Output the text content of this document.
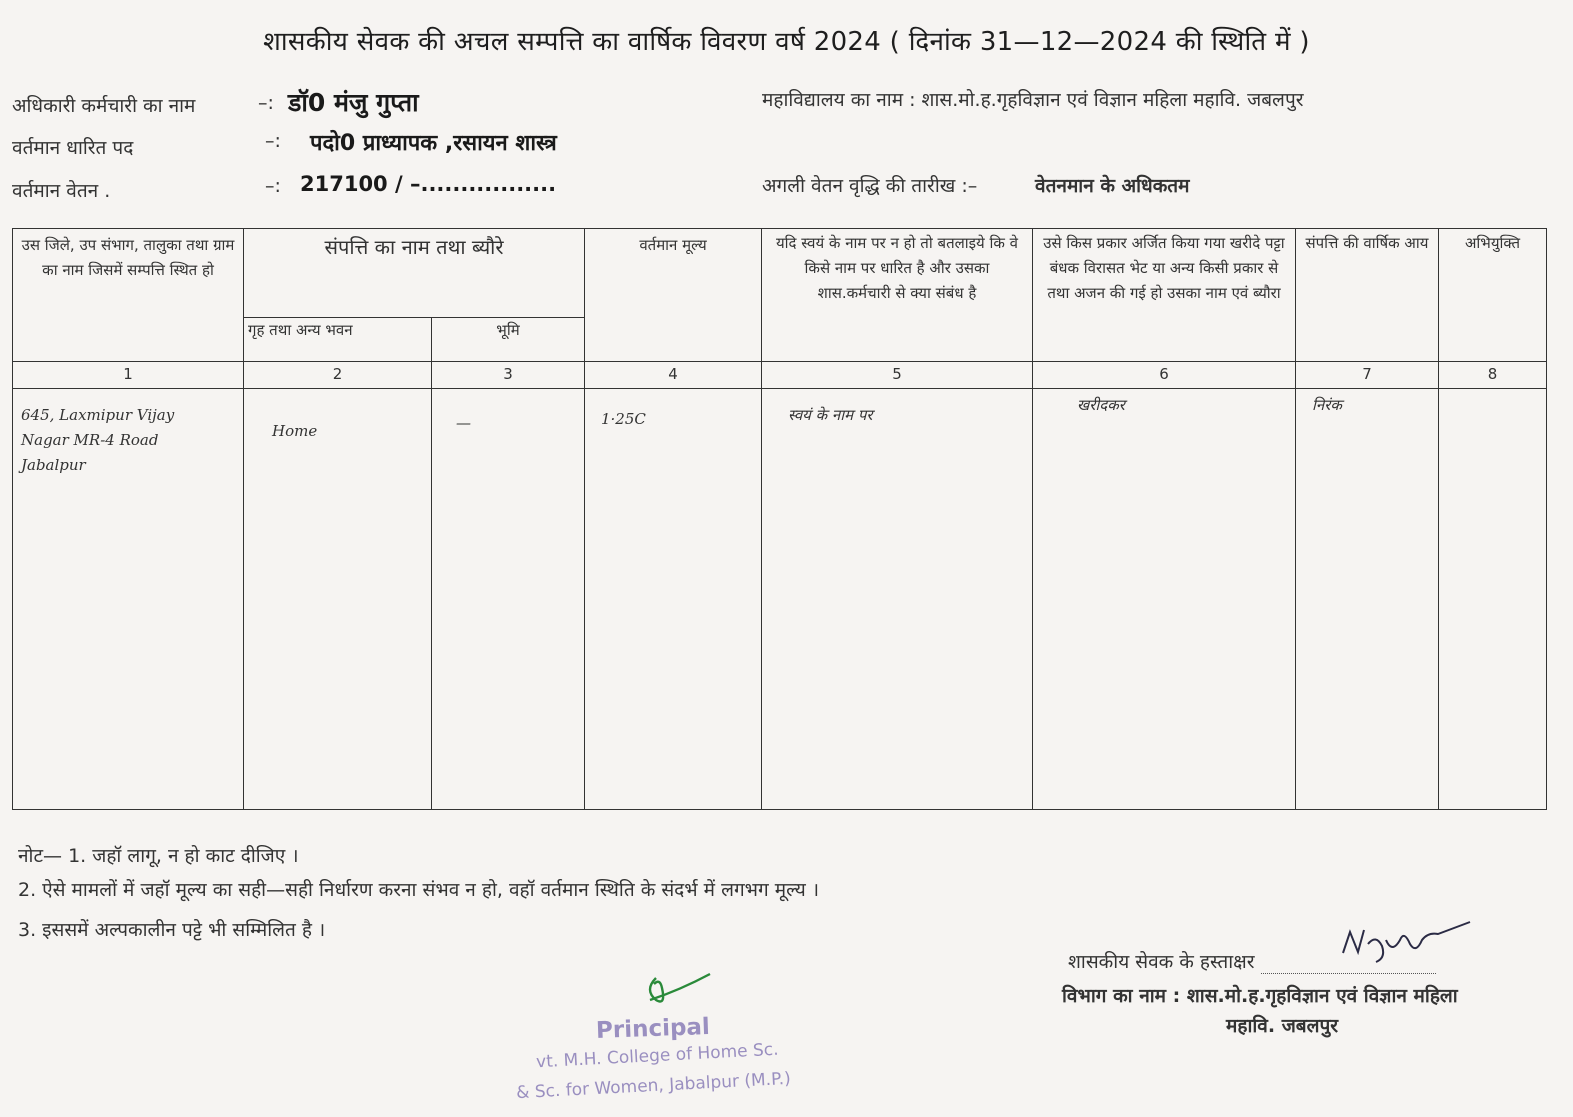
शासकीय सेवक की अचल सम्पत्ति का वार्षिक विवरण वर्ष 2024 ( दिनांक 31—12—2024 की स्थिति में )
अधिकारी कर्मचारी का नाम	–: डॉ0 मंजु गुप्ता
वर्तमान धारित पद	–: पदो0 प्राध्यापक ,रसायन शास्त्र
वर्तमान वेतन .	–: 217100 / –.................
महाविद्यालय का नाम : शास.मो.ह.गृहविज्ञान एवं विज्ञान महिला महावि. जबलपुर
अगली वेतन वृद्धि की तारीख :–	वेतनमान के अधिकतम
उस जिले, उप संभाग, तालुका तथा ग्राम का नाम जिसमें सम्पत्ति स्थित हो	संपत्ति का नाम तथा ब्यौरे		वर्तमान मूल्य	यदि स्वयं के नाम पर न हो तो बतलाइये कि वे किसे नाम पर धारित है और उसका शास.कर्मचारी से क्या संबंध है	उसे किस प्रकार अर्जित किया गया खरीदे पट्टा बंधक विरासत भेट या अन्य किसी प्रकार से तथा अजन की गई हो उसका नाम एवं ब्यौरा	संपत्ति की वार्षिक आय	अभियुक्ति
	गृह तथा अन्य भवन	भूमि					
1	2	3	4	5	6	7	8
645, Laxmipur Vijay Nagar MR-4 Road Jabalpur	Home	—	1·25C	स्वयं के नाम पर	खरीदकर	निरंक	
नोट— 1. जहॉ लागू, न हो काट दीजिए ।
2. ऐसे मामलों में जहॉ मूल्य का सही—सही निर्धारण करना संभव न हो, वहॉ वर्तमान स्थिति के संदर्भ में लगभग मूल्य ।
3. इससमें अल्पकालीन पट्टे भी सम्मिलित है ।
शासकीय सेवक के हस्ताक्षर
विभाग का नाम : शास.मो.ह.गृहविज्ञान एवं विज्ञान महिला
महावि. जबलपुर
Principal
vt. M.H. College of Home Sc.
& Sc. for Women, Jabalpur (M.P.)
